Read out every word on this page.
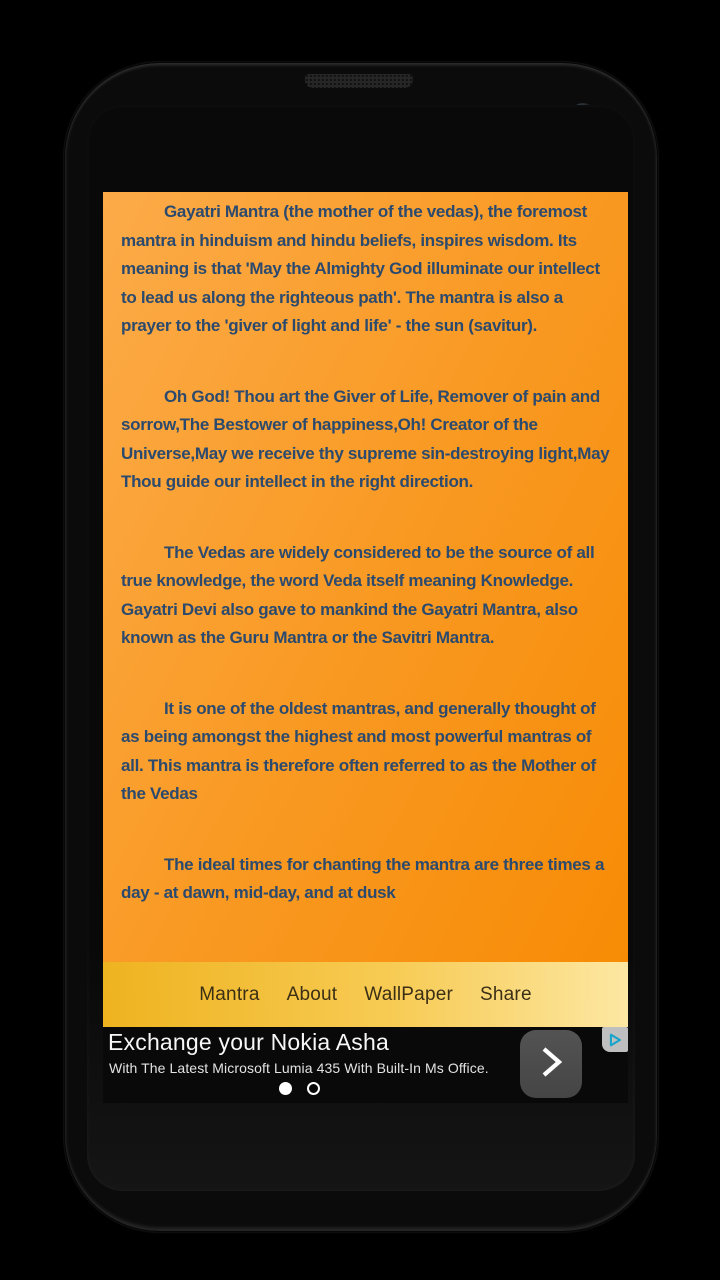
Gayatri Mantra (the mother of the vedas), the foremost mantra in hinduism and hindu beliefs, inspires wisdom. Its meaning is that 'May the Almighty God illuminate our intellect to lead us along the righteous path'. The mantra is also a prayer to the 'giver of light and life' - the sun (savitur).

Oh God! Thou art the Giver of Life, Remover of pain and sorrow,The Bestower of happiness,Oh! Creator of the Universe,May we receive thy supreme sin-destroying light,May Thou guide our intellect in the right direction.

The Vedas are widely considered to be the source of all true knowledge, the word Veda itself meaning Knowledge. Gayatri Devi also gave to mankind the Gayatri Mantra, also known as the Guru Mantra or the Savitri Mantra.

It is one of the oldest mantras, and generally thought of as being amongst the highest and most powerful mantras of all. This mantra is therefore often referred to as the Mother of the Vedas

The ideal times for chanting the mantra are three times a day - at dawn, mid-day, and at dusk

Mantra About WallPaper Share
Exchange your Nokia Asha
With The Latest Microsoft Lumia 435 With Built-In Ms Office.
